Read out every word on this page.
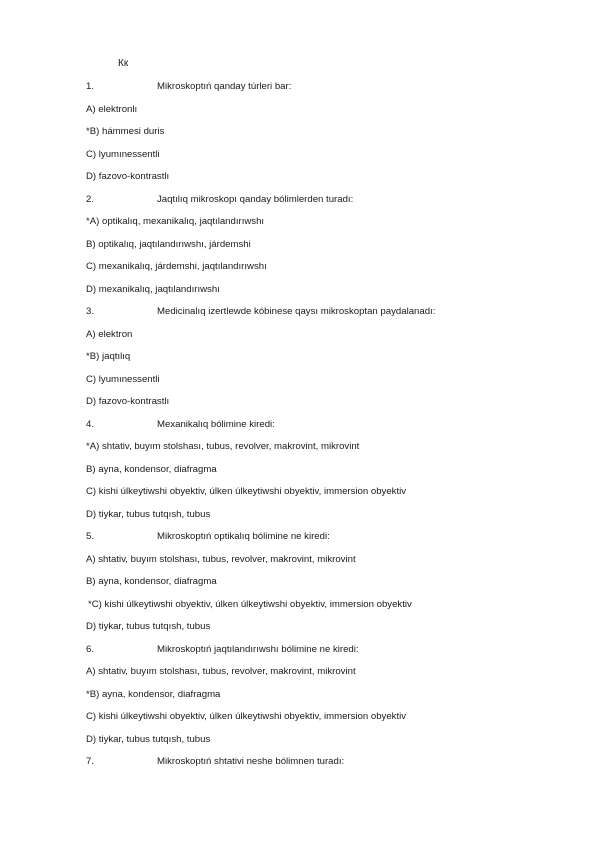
Кк
1.	Mikroskoptıń qanday túrleri bar:
A) elektronlı
*B) hámmesi duris
C) lyumınessentli
D) fazovo-kontrastlı
2.	Jaqtılıq mikroskopı qanday bólimlerden turadı:
*A) optikalıq, mexanikalıq, jaqtılandırıwshı
B) optikalıq, jaqtılandırıwshı, járdemshi
C) mexanikalıq, járdemshi, jaqtılandırıwshı
D) mexanikalıq, jaqtılandırıwshı
3.	Medicinalıq izertlewde kóbinese qaysı mikroskoptan paydalanadı:
A) elektron
*B) jaqtılıq
C) lyumınessentli
D) fazovo-kontrastlı
4.	Mexanikalıq bólimine kiredi:
*A) shtativ, buyım stolshası, tubus, revolver, makrovint, mikrovint
B) ayna, kondensor, diafragma
C) kishi úlkeytiwshi obyektiv, úlken úlkeytiwshi obyektiv, immersion obyektiv
D) tiykar, tubus tutqısh, tubus
5.	Mikroskoptıń optikalıq bólimine ne kiredi:
A) shtativ, buyım stolshası, tubus, revolver, makrovint, mikrovint
B) ayna, kondensor, diafragma
*C) kishi úlkeytiwshi obyektiv, úlken úlkeytiwshi obyektiv, immersion obyektiv
D) tiykar, tubus tutqısh, tubus
6.	Mikroskoptıń jaqtılandırıwshı bólimine ne kiredi:
A) shtativ, buyım stolshası, tubus, revolver, makrovint, mikrovint
*B) ayna, kondensor, diafragma
C) kishi úlkeytiwshi obyektiv, úlken úlkeytiwshi obyektiv, immersion obyektiv
D) tiykar, tubus tutqısh, tubus
7.	Mikroskoptıń shtativi neshe bólimnen turadı:
